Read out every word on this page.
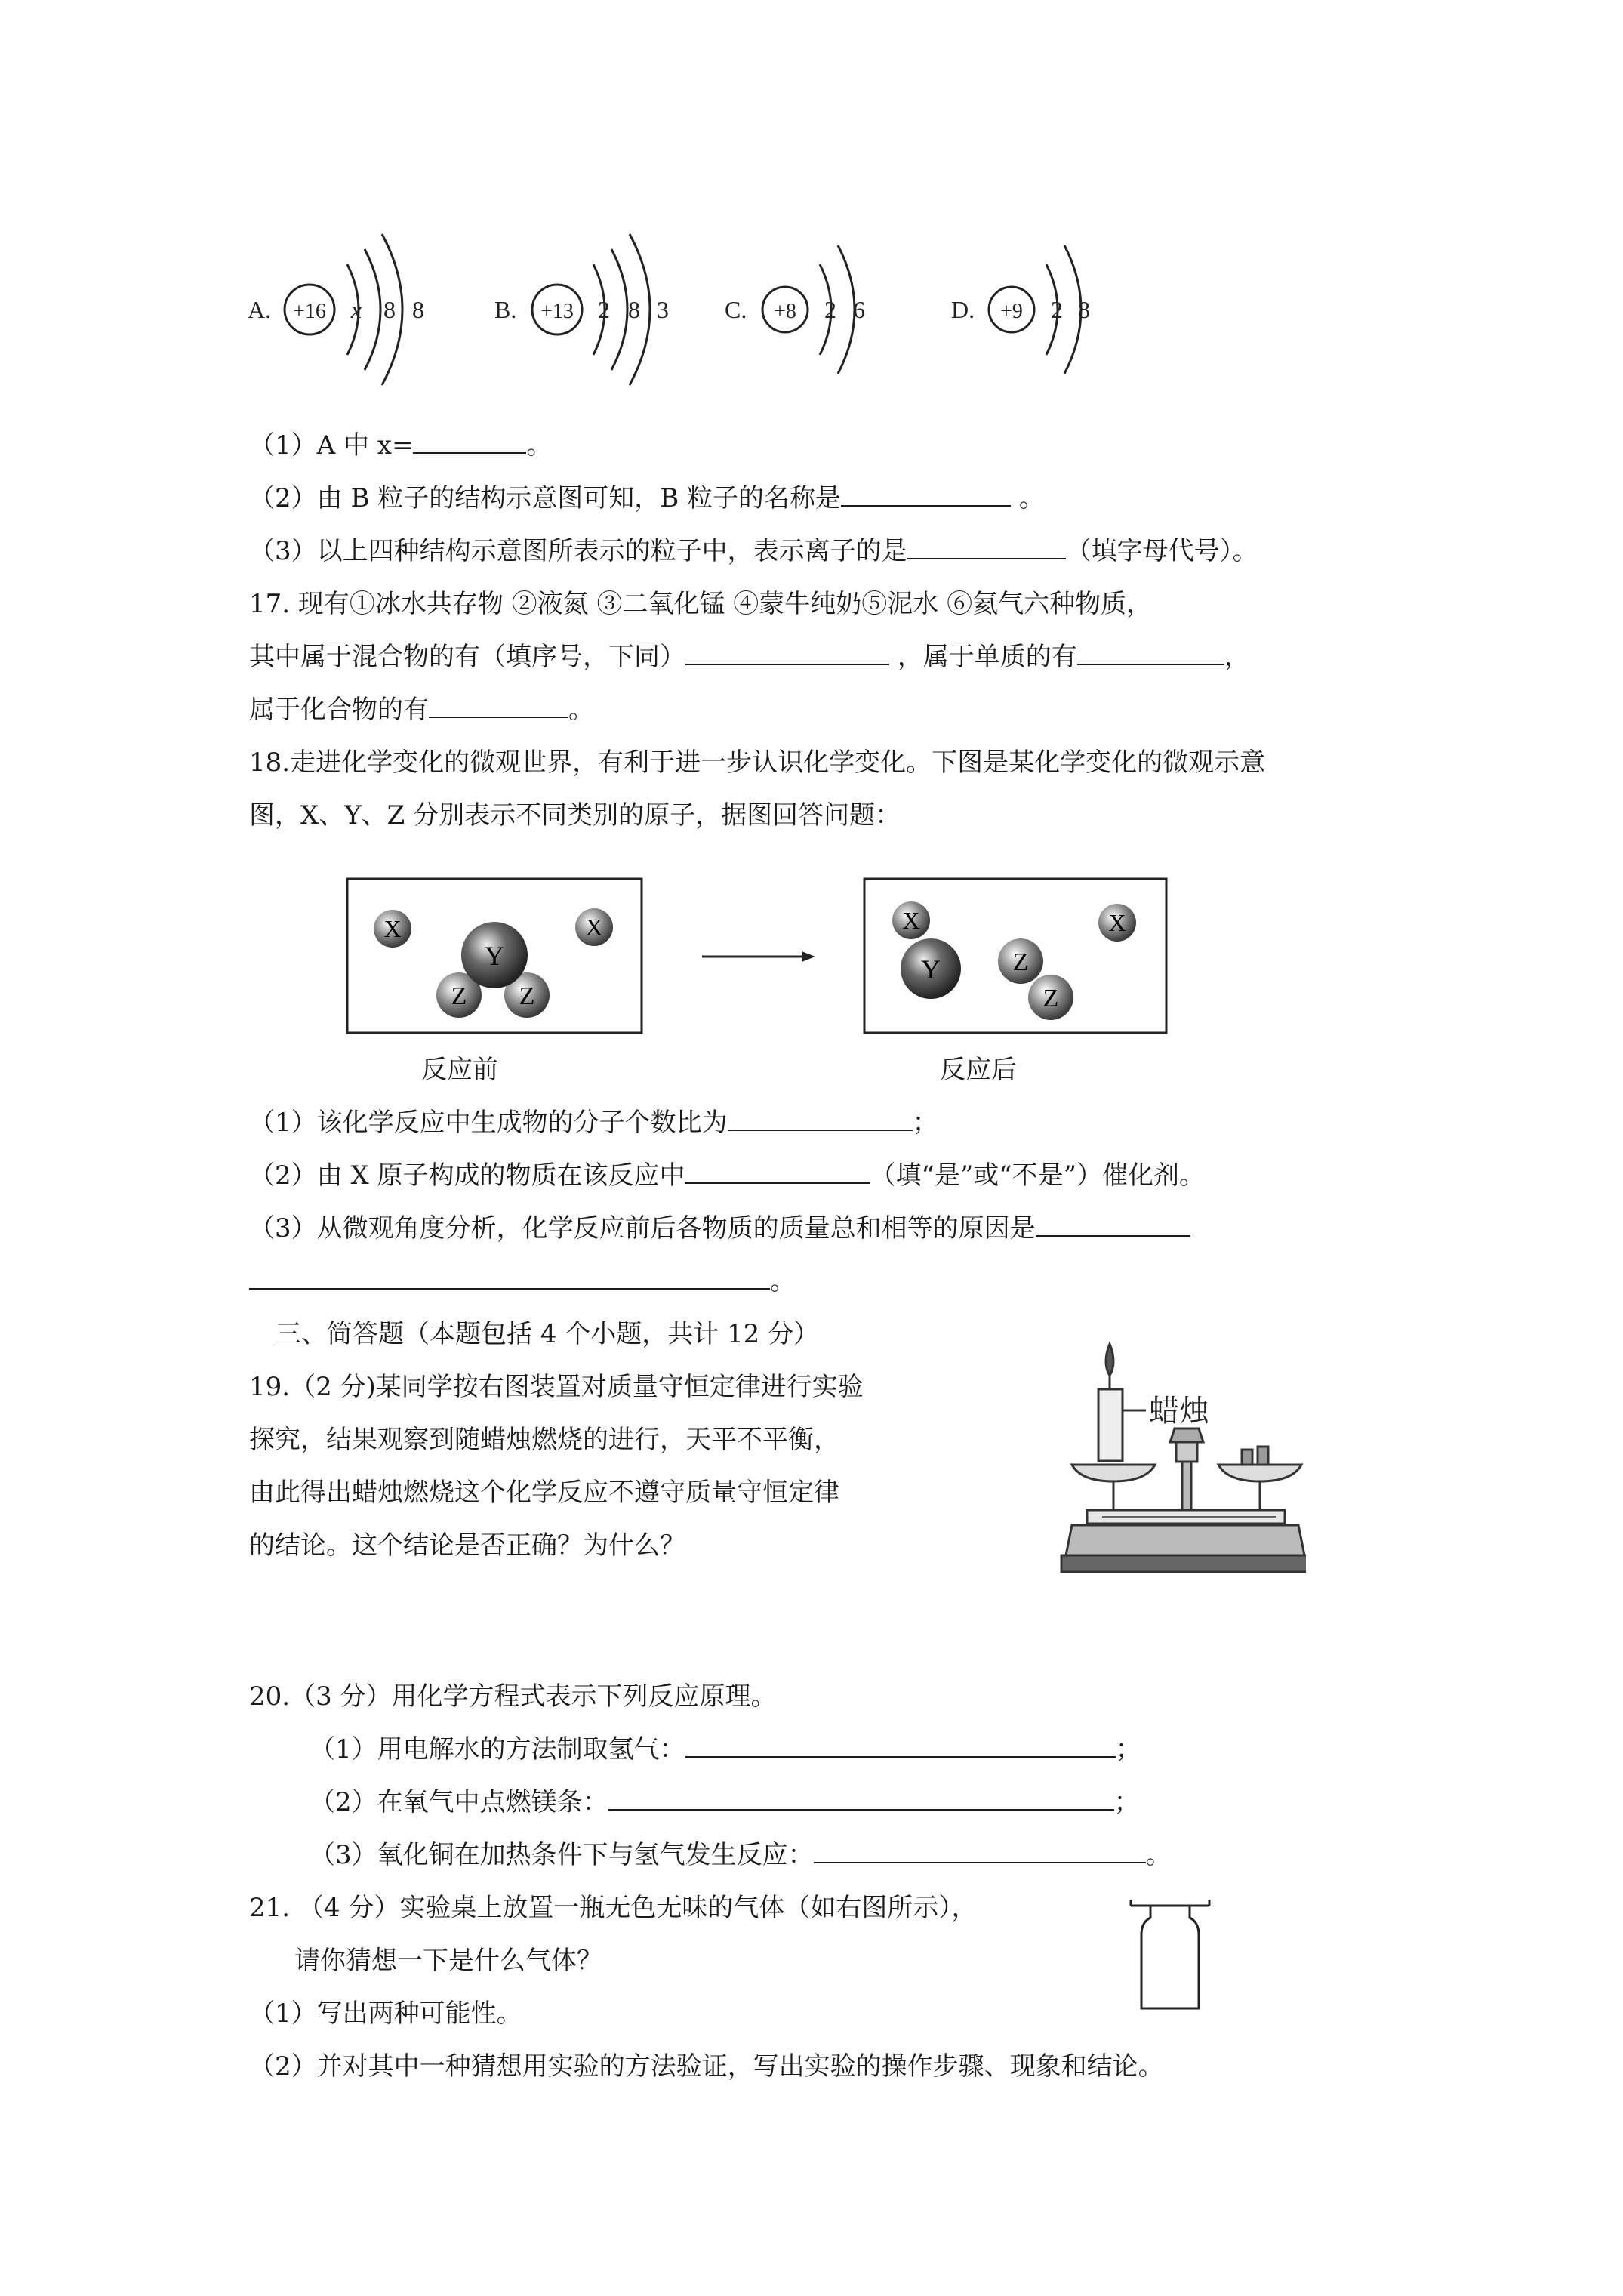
A. +16 x 8 8	B. +13 2 8 3 C. +8 2 6	D. +9 2 8
（1）A 中 x=	。
（2）由 B 粒子的结构示意图可知，B 粒子的名称是	。
（3）以上四种结构示意图所表示的粒子中，表示离子的是	（填字母代号）。
17. 现有①冰水共存物 ②液氮 ③二氧化锰 ④蒙牛纯奶⑤泥水 ⑥氦气六种物质，
其中属于混合物的有（填序号，下同）	，属于单质的有	，
属于化合物的有	。
18.走进化学变化的微观世界，有利于进一步认识化学变化。下图是某化学变化的微观示意
图，X、Y、Z 分别表示不同类别的原子，据图回答问题：
X	X
Z Z
Y	Y
X
Z
Z
X
反应前	反应后
（1）该化学反应中生成物的分子个数比为	；
（2）由 X 原子构成的物质在该反应中	（填“是”或“不是”）催化剂。
（3）从微观角度分析，化学反应前后各物质的质量总和相等的原因是
。
三、简答题（本题包括 4 个小题，共计 12 分）
19.（2 分)某同学按右图装置对质量守恒定律进行实验
探究，结果观察到随蜡烛燃烧的进行，天平不平衡，
由此得出蜡烛燃烧这个化学反应不遵守质量守恒定律
的结论。这个结论是否正确？为什么？
蜡烛
20.（3 分）用化学方程式表示下列反应原理。
（1）用电解水的方法制取氢气：	；
（2）在氧气中点燃镁条：	；
（3）氧化铜在加热条件下与氢气发生反应：	。
21. （4 分）实验桌上放置一瓶无色无味的气体（如右图所示），
请你猜想一下是什么气体？
（1）写出两种可能性。
（2）并对其中一种猜想用实验的方法验证，写出实验的操作步骤、现象和结论。
